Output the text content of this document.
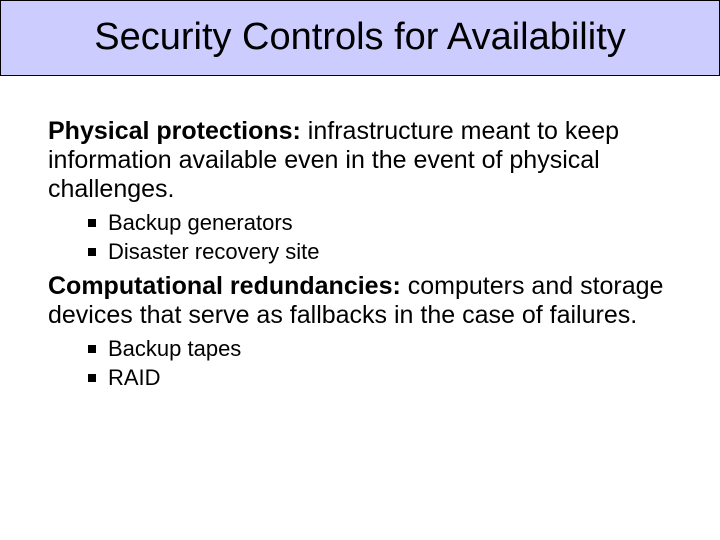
Security Controls for Availability

Physical protections: infrastructure meant to keep information available even in the event of physical challenges.

Backup generators
Disaster recovery site

Computational redundancies: computers and storage devices that serve as fallbacks in the case of failures.

Backup tapes
RAID
